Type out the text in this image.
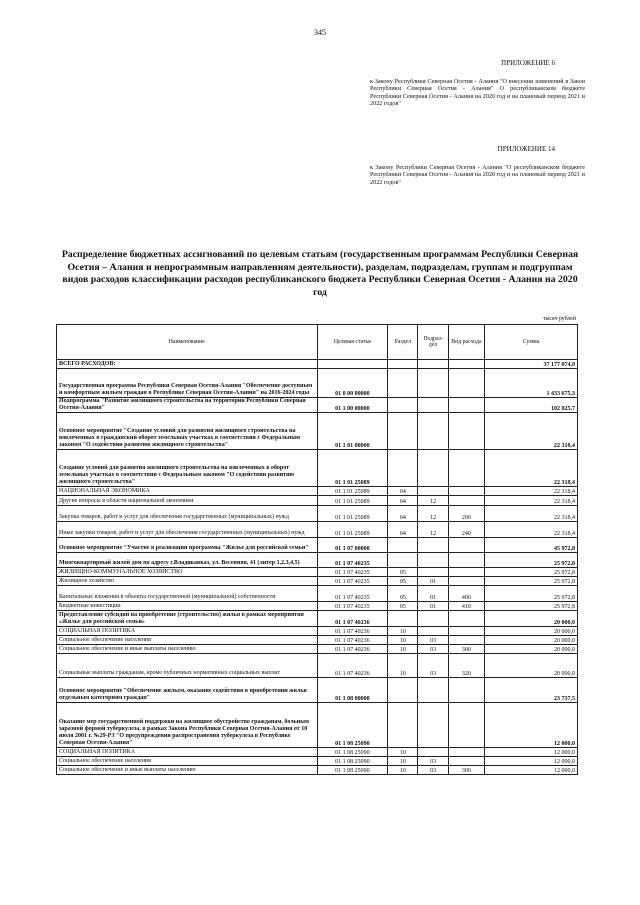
345
ПРИЛОЖЕНИЕ 6
к Закону Республики Северная Осетия - Алания "О внесении изменений в Закон Республики Северная Осетия - Алания" О республиканском бюджете Республики Северная Осетия - Алания на 2020 год и на плановый период 2021 и 2022 годов"
ПРИЛОЖЕНИЕ 14
к Закону Республики Северная Осетия - Алания "О республиканском бюджете Республики Северная Осетия - Алания на 2020 год и на плановый период 2021 и 2022 годов"
Распределение бюджетных ассигнований по целевым статьям (государственным программам Республики Северная Осетия – Алания и непрограммным направлениям деятельности), разделам, подразделам, группам и подгруппам видов расходов классификации расходов республиканского бюджета Республики Северная Осетия - Алания на 2020 год
тысяч рублей
Наименование	Целевая статья	Раздел	Подраз-дел	Вид расхода	Сумма
ВСЕГО РАСХОДОВ:					37 177 074,8
Государственная программа Республики Северная Осетия-Алания "Обеспечение доступным и комфортным жильем граждан в Республике Северная Осетия-Алания" на 2016-2024 годы	01 0 00 00000				1 433 675,3
Подпрограмма "Развитие жилищного строительства на территории Республики Северная Осетия-Алания"	01 1 00 00000				102 025,7
Основное мероприятие "Создание условий для развития жилищного строительства на вовлеченных в гражданский оборот земельных участках в соответствии с Федеральным законом "О содействии развитию жилищного строительства"	01 1 01 00000				22 318,4
Создание условий для развития жилищного строительства на вовлеченных в оборот земельных участках в соответствии с Федеральным законом "О содействии развитию жилищного строительства"	01 1 01 25089				22 318,4
НАЦИОНАЛЬНАЯ ЭКОНОМИКА	01 1 01 25089	04			22 318,4
Другие вопросы в области национальной экономики	01 1 01 25089	04	12		22 318,4
Закупка товаров, работ и услуг для обеспечения государственных (муниципальных) нужд	01 1 01 25089	04	12	200	22 318,4
Иные закупки товаров, работ и услуг для обеспечения государственных (муниципальных) нужд	01 1 01 25089	04	12	240	22 318,4
Основное мероприятие "Участие в реализации программы "Жилье для российской семьи"	01 1 07 00000				45 972,8
Многоквартирный жилой дом по адресу г.Владикавказ, ул. Весенняя, 41 (литер 1,2,3,4,5)	01 1 07 40235				25 972,8
ЖИЛИЩНО-КОММУНАЛЬНОЕ ХОЗЯЙСТВО	01 1 07 40235	05			25 972,8
Жилищное хозяйство	01 1 07 40235	05	01		25 972,8
Капитальные вложения в объекты государственной (муниципальной) собственности	01 1 07 40235	05	01	400	25 972,8
Бюджетные инвестиции	01 1 07 40235	05	01	410	25 972,8
Предоставление субсидий на приобретение (строительство) жилья в рамках мероприятия «Жилье для российской семьи»	01 1 07 40236				20 000,0
СОЦИАЛЬНАЯ ПОЛИТИКА	01 1 07 40236	10			20 000,0
Социальное обеспечение населения	01 1 07 40236	10	03		20 000,0
Социальное обеспечение и иные выплаты населению	01 1 07 40236	10	03	300	20 000,0
Социальные выплаты гражданам, кроме публичных нормативных социальных выплат	01 1 07 40236	10	03	320	20 000,0
Основное мероприятие "Обеспечение жильем, оказание содействия в приобретении жилья отдельным категориям граждан"	01 1 08 00000				23 737,5
Оказание мер государственной поддержки на жилищное обустройство гражданам, больным заразной формой туберкулеза, в рамках Закона Республики Северная Осетия-Алания от 10 июля 2001 г. №29-РЗ "О предупреждении распространения туберкулеза в Республике Северная Осетия-Алания"	01 1 08 25090				12 000,0
СОЦИАЛЬНАЯ ПОЛИТИКА	01 1 08 25090	10			12 000,0
Социальное обеспечение населения	01 1 08 25090	10	03		12 000,0
Социальное обеспечение и иные выплаты населению	01 1 08 25090	10	03	300	12 000,0
